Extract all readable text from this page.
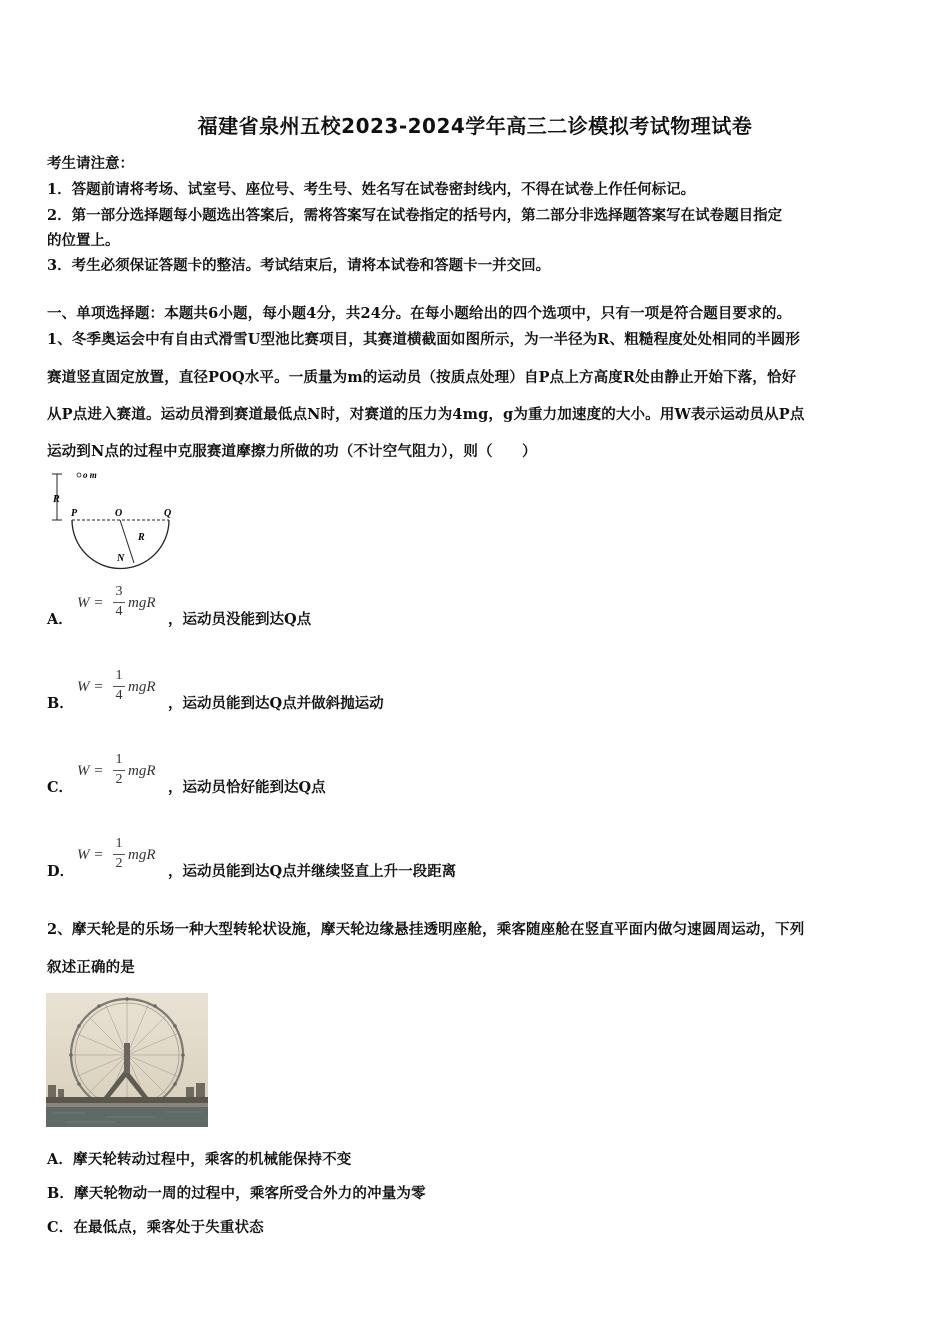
福建省泉州五校2023-2024学年高三二诊模拟考试物理试卷
考生请注意：
1．答题前请将考场、试室号、座位号、考生号、姓名写在试卷密封线内，不得在试卷上作任何标记。
2．第一部分选择题每小题选出答案后，需将答案写在试卷指定的括号内，第二部分非选择题答案写在试卷题目指定
的位置上。
3．考生必须保证答题卡的整洁。考试结束后，请将本试卷和答题卡一并交回。
一、单项选择题：本题共6小题，每小题4分，共24分。在每小题给出的四个选项中，只有一项是符合题目要求的。
1、冬季奥运会中有自由式滑雪U型池比赛项目，其赛道横截面如图所示，为一半径为R、粗糙程度处处相同的半圆形
赛道竖直固定放置，直径POQ水平。一质量为m的运动员（按质点处理）自P点上方高度R处由静止开始下落，恰好
从P点进入赛道。运动员滑到赛道最低点N时，对赛道的压力为4mg，g为重力加速度的大小。用W表示运动员从P点
运动到N点的过程中克服赛道摩擦力所做的功（不计空气阻力），则（　　）
o m
R
P	O	Q
R
N
A．
W =
3
4
mgR
，运动员没能到达Q点
B．
W =
1
4
mgR
，运动员能到达Q点并做斜抛运动
C．
W =
1
2
mgR
，运动员恰好能到达Q点
D．
W =
1
2
mgR
，运动员能到达Q点并继续竖直上升一段距离
2、摩天轮是的乐场一种大型转轮状设施，摩天轮边缘悬挂透明座舱，乘客随座舱在竖直平面内做匀速圆周运动，下列
叙述正确的是
A．摩天轮转动过程中，乘客的机械能保持不变
B．摩天轮物动一周的过程中，乘客所受合外力的冲量为零
C．在最低点，乘客处于失重状态
